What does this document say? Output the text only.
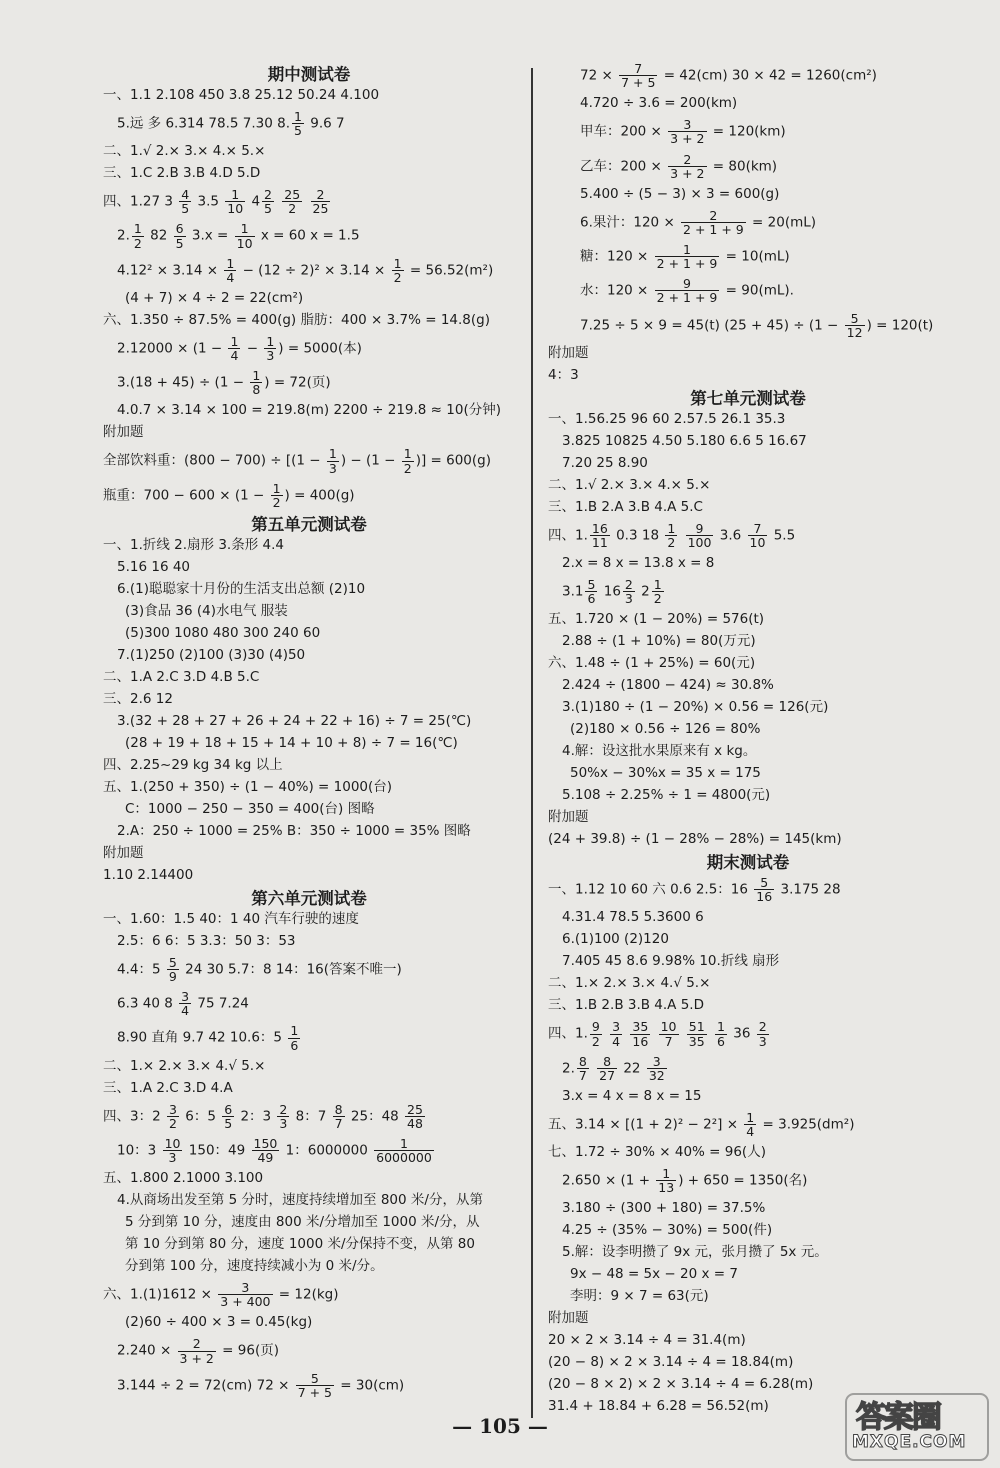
期中测试卷
一、1.1 2.108 450 3.8 25.12 50.24 4.100
5.远 多 6.314 78.5 7.30 8. $\frac{1}{5} 9.6$ 7
二、1.√ 2.× 3.× 4.× 5.×
三、1.C 2.B 3.B 4.D 5.D
四、1.27 $3 \frac{4}{5} 3.5 \frac{1}{10} 4 \frac{2}{5}$
$\frac{25}{2}$
$\frac{2}{25}$
2. $\frac{1}{2} 82 \frac{6}{5} 3.x = \frac{1}{10}$ x = 60 x = 1.5
$4.12^2 \times 3.14 \times \frac{1}{4} - (12 \div 2)^2 \times 3.14 \times \frac{1}{2} = 56.52(m^2)$
(4 + 7) × 4 ÷ 2 = 22(cm²)
六、1.350 ÷ 87.5% = 400(g) 脂肪：400 × 3.7% = 14.8(g)
$2.12000 \times (1 - \frac{1}{4} - \frac{1}{3}$ ) = 5000(本)
$3.(18 + 45) \div (1 - \frac{1}{8}$ ) = 72(页)
4.0.7 × 3.14 × 100 = 219.8(m) 2200 ÷ 219.8 ≈ 10(分钟)
附加题
全部饮料重：$(800 - 700) \div [(1 - \frac{1}{3}$ ) − ($1 - \frac{1}{2}$ )] = 600(g)
瓶重：$700 - 600 \times (1 - \frac{1}{2}$ ) = 400(g)
第五单元测试卷
一、1.折线 2.扇形 3.条形 4.4
5.16 16 40
6.(1)聪聪家十月份的生活支出总额 (2)10
(3)食品 36 (4)水电气 服装
(5)300 1080 480 300 240 60
7.(1)250 (2)100 (3)30 (4)50
二、1.A 2.C 3.D 4.B 5.C
三、2.6 12
3.(32 + 28 + 27 + 26 + 24 + 22 + 16) ÷ 7 = 25(℃)
(28 + 19 + 18 + 15 + 14 + 10 + 8) ÷ 7 = 16(℃)
四、2.25~29 kg 34 kg 以上
五、1.(250 + 350) ÷ (1 − 40%) = 1000(台)
C：1000 − 250 − 350 = 400(台) 图略
2.A：250 ÷ 1000 = 25% B：350 ÷ 1000 = 35% 图略
附加题
1.10 2.14400
第六单元测试卷
一、1.60：1.5 40：1 40 汽车行驶的速度
2.5：6 6：5 3.3：50 3：53
4.4：$5 \frac{5}{9} 24$ 30 5.7：8 14：16(答案不唯一)
6.3 40 $8 \frac{3}{4} 75$ 7.24
8.90 直角 9.7 42 10.6：$5 \frac{1}{6}$
二、1.× 2.× 3.× 4.√ 5.×
三、1.A 2.C 3.D 4.A
四、3：$2 \frac{3}{2} 6$：$5 \frac{6}{5} 2$：$3 \frac{2}{3} 8$：$7 \frac{8}{7} 25$：$48 \frac{25}{48}$
10：$3 \frac{10}{3} 150$：$49 \frac{150}{49} 1$：$6000000 \frac{1}{6000000}$
五、1.800 2.1000 3.100
4.从商场出发至第 5 分时，速度持续增加至 800 米/分，从第
5 分到第 10 分，速度由 800 米/分增加至 1000 米/分，从
第 10 分到第 80 分，速度 1000 米/分保持不变，从第 80
分到第 100 分，速度持续减小为 0 米/分。
六、$1.(1)1612 \times \frac{3}{3 + 400} = 12(kg)$
(2)60 ÷ 400 × 3 = 0.45(kg)
$2.240 \times \frac{2}{3 + 2} = 96$(页)
3.144 ÷ 2 = 72(cm) $72 \times \frac{5}{7 + 5} = 30(cm)$
$72 \times \frac{7}{7 + 5} = 42(cm) 30 \times 42 = 1260(cm^2)$
4.720 ÷ 3.6 = 200(km)
甲车：$200 \times \frac{3}{3 + 2} = 120(km)$
乙车：$200 \times \frac{2}{3 + 2} = 80(km)$
5.400 ÷ (5 − 3) × 3 = 600(g)
6.果汁：$120 \times \frac{2}{2 + 1 + 9} = 20(mL)$
糖：$120 \times \frac{1}{2 + 1 + 9} = 10(mL)$
水：$120 \times \frac{9}{2 + 1 + 9} = 90(mL)$.
7.25 ÷ 5 × 9 = 45(t) $(25 + 45) \div (1 - \frac{5}{12}$ ) = 120(t)
附加题
4：3
第七单元测试卷
一、1.56.25 96 60 2.57.5 26.1 35.3
3.825 10825 4.50 5.180 6.6 5 16.67
7.20 25 8.90
二、1.√ 2.× 3.× 4.× 5.×
三、1.B 2.A 3.B 4.A 5.C
四、1. $\frac{16}{11} 0.3$ $18 \frac{1}{2}$
$\frac{9}{100} 3.6 \frac{7}{10} 5.5$
2.x = 8 x = 13.8 x = 8
$3.1 \frac{5}{6} 16 \frac{2}{3} 2 \frac{1}{2}$
五、1.720 × (1 − 20%) = 576(t)
2.88 ÷ (1 + 10%) = 80(万元)
六、1.48 ÷ (1 + 25%) = 60(元)
2.424 ÷ (1800 − 424) ≈ 30.8%
3.(1)180 ÷ (1 − 20%) × 0.56 = 126(元)
(2)180 × 0.56 ÷ 126 = 80%
4.解：设这批水果原来有 x kg。
50%x − 30%x = 35 x = 175
5.108 ÷ 2.25% ÷ 1 = 4800(元)
附加题
(24 + 39.8) ÷ (1 − 28% − 28%) = 145(km)
期末测试卷
一、1.12 10 60 六 0.6 2.5：$16 \frac{5}{16} 3.175$ 28
4.31.4 78.5 5.3600 6
6.(1)100 (2)120
7.405 45 8.6 9.98% 10.折线 扇形
二、1.× 2.× 3.× 4.√ 5.×
三、1.B 2.B 3.B 4.A 5.D
四、1. $\frac{9}{2}$
$\frac{3}{4}$
$\frac{35}{16}$
$\frac{10}{7}$
$\frac{51}{35}$
$\frac{1}{6} 36 \frac{2}{3}$
2. $\frac{8}{7}$
$\frac{8}{27} 22 \frac{3}{32}$
3.x = 4 x = 8 x = 15
五、$3.14 \times [(1 + 2)^2 - 2^2] \times \frac{1}{4} = 3.925(dm^2)$
七、1.72 ÷ 30% × 40% = 96(人)
$2.650 \times (1 + \frac{1}{13}$ ) + 650 = 1350(名)
3.180 ÷ (300 + 180) = 37.5%
4.25 ÷ (35% − 30%) = 500(件)
5.解：设李明攒了 9x 元，张月攒了 5x 元。
9x − 48 = 5x − 20 x = 7
李明：9 × 7 = 63(元)
附加题
20 × 2 × 3.14 ÷ 4 = 31.4(m)
(20 − 8) × 2 × 3.14 ÷ 4 = 18.84(m)
(20 − 8 × 2) × 2 × 3.14 ÷ 4 = 6.28(m)
31.4 + 18.84 + 6.28 = 56.52(m)
— 105 —	答案圈
MXQE.COM
